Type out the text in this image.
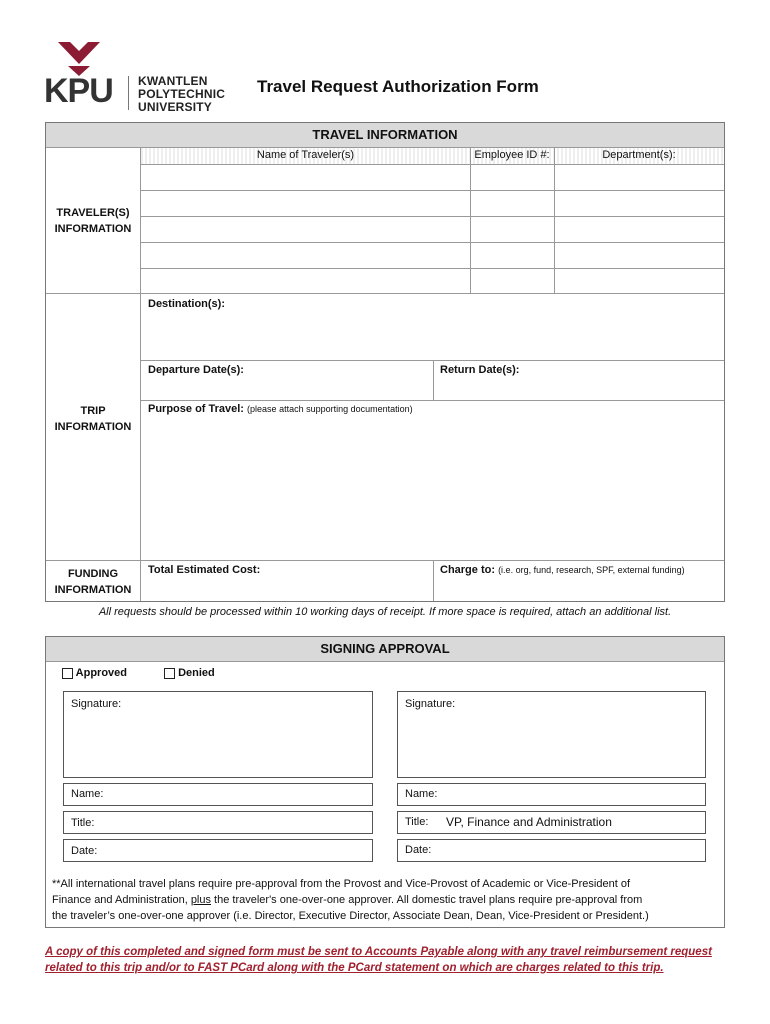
KPU KWANTLEN
POLYTECHNIC
UNIVERSITY
Travel Request Authorization Form
TRAVEL INFORMATION
Name of Traveler(s)	Employee ID #:	Department(s):
TRAVELER(S)
INFORMATION
Destination(s):
Departure Date(s):	Return Date(s):
Purpose of Travel: (please attach supporting documentation)
TRIP
INFORMATION
FUNDING
INFORMATION
Total Estimated Cost:	Charge to: (i.e. org, fund, research, SPF, external funding)
All requests should be processed within 10 working days of receipt. If more space is required, attach an additional list.
SIGNING APPROVAL
Approved	Denied
Signature:
Name:
Title:
Date:
Signature:
Name:
Title: VP, Finance and Administration
Date:
**All international travel plans require pre-approval from the Provost and Vice-Provost of Academic or Vice-President of
Finance and Administration, plus the traveler's one-over-one approver. All domestic travel plans require pre-approval from
the traveler’s one-over-one approver (i.e. Director, Executive Director, Associate Dean, Dean, Vice-President or President.)
A copy of this completed and signed form must be sent to Accounts Payable along with any travel reimbursement request
related to this trip and/or to FAST PCard along with the PCard statement on which are charges related to this trip.
